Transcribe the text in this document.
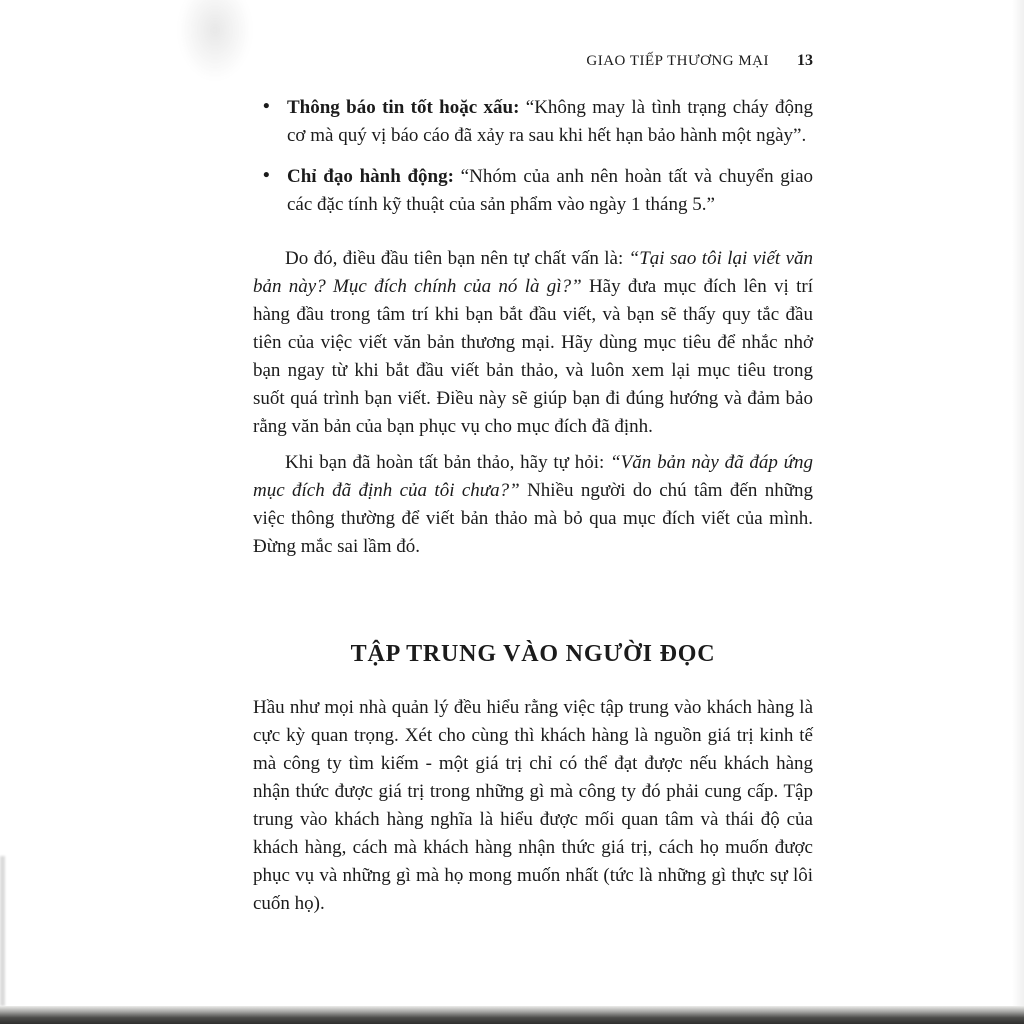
GIAO TIẾP THƯƠNG MẠI 13
• Thông báo tin tốt hoặc xấu: “Không may là tình trạng cháy động cơ mà quý vị báo cáo đã xảy ra sau khi hết hạn bảo hành một ngày”.
• Chỉ đạo hành động: “Nhóm của anh nên hoàn tất và chuyển giao các đặc tính kỹ thuật của sản phẩm vào ngày 1 tháng 5.”

Do đó, điều đầu tiên bạn nên tự chất vấn là: “Tại sao tôi lại viết văn bản này? Mục đích chính của nó là gì?” Hãy đưa mục đích lên vị trí hàng đầu trong tâm trí khi bạn bắt đầu viết, và bạn sẽ thấy quy tắc đầu tiên của việc viết văn bản thương mại. Hãy dùng mục tiêu để nhắc nhở bạn ngay từ khi bắt đầu viết bản thảo, và luôn xem lại mục tiêu trong suốt quá trình bạn viết. Điều này sẽ giúp bạn đi đúng hướng và đảm bảo rằng văn bản của bạn phục vụ cho mục đích đã định.

Khi bạn đã hoàn tất bản thảo, hãy tự hỏi: “Văn bản này đã đáp ứng mục đích đã định của tôi chưa?” Nhiều người do chú tâm đến những việc thông thường để viết bản thảo mà bỏ qua mục đích viết của mình. Đừng mắc sai lầm đó.

TẬP TRUNG VÀO NGƯỜI ĐỌC

Hầu như mọi nhà quản lý đều hiểu rằng việc tập trung vào khách hàng là cực kỳ quan trọng. Xét cho cùng thì khách hàng là nguồn giá trị kinh tế mà công ty tìm kiếm - một giá trị chỉ có thể đạt được nếu khách hàng nhận thức được giá trị trong những gì mà công ty đó phải cung cấp. Tập trung vào khách hàng nghĩa là hiểu được mối quan tâm và thái độ của khách hàng, cách mà khách hàng nhận thức giá trị, cách họ muốn được phục vụ và những gì mà họ mong muốn nhất (tức là những gì thực sự lôi cuốn họ).
